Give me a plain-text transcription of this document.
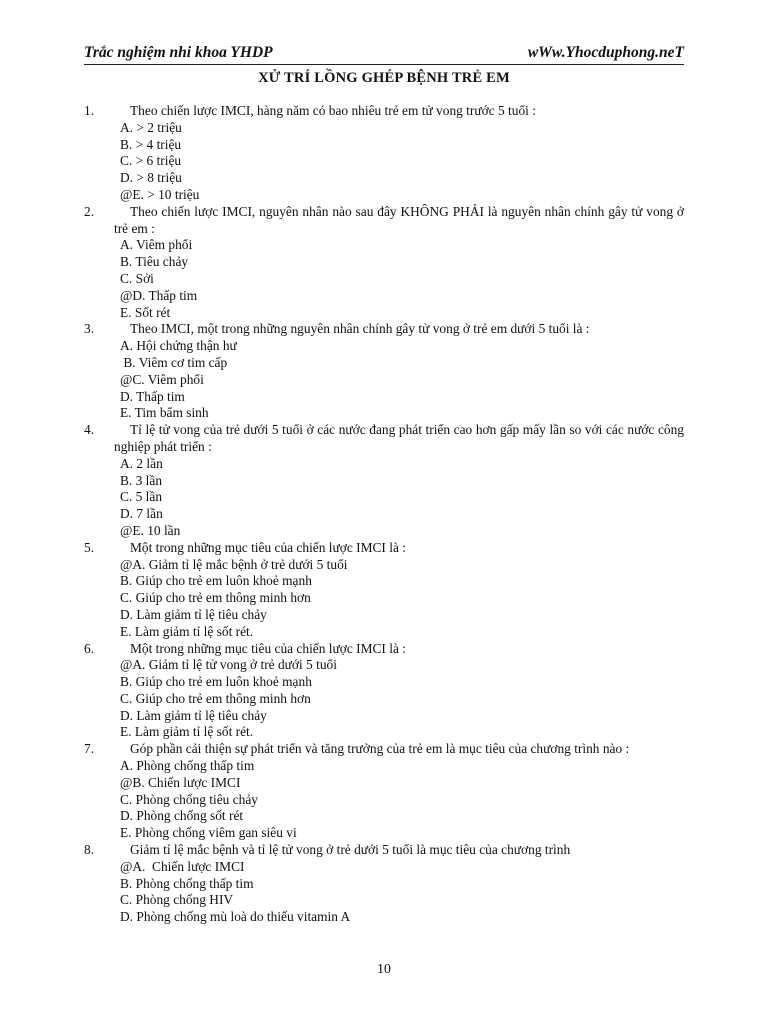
Trắc nghiệm nhi khoa YHDP	wWw.Yhocduphong.neT
XỬ TRÍ LỒNG GHÉP BỆNH TRẺ EM
1.	Theo chiến lược IMCI, hàng năm có bao nhiêu trẻ em tử vong trước 5 tuổi :
A. > 2 triệu
B. > 4 triệu
C. > 6 triệu
D. > 8 triệu
@E. > 10 triệu
2.	Theo chiến lược IMCI, nguyên nhân nào sau đây KHÔNG PHẢI là nguyên nhân chính gây tử vong ở trẻ em :
A. Viêm phổi
B. Tiêu chảy
C. Sởi
@D. Thấp tim
E. Sốt rét
3.	Theo IMCI, một trong những nguyên nhân chính gây tử vong ở trẻ em dưới 5 tuổi là :
A. Hội chứng thận hư
B. Viêm cơ tim cấp
@C. Viêm phổi
D. Thấp tim
E. Tim bẩm sinh
4.	Tỉ lệ tử vong của trẻ dưới 5 tuổi ở các nước đang phát triển cao hơn gấp mấy lần so với các nước công nghiệp phát triển :
A. 2 lần
B. 3 lần
C. 5 lần
D. 7 lần
@E. 10 lần
5.	Một trong những mục tiêu của chiến lược IMCI là :
@A. Giảm tỉ lệ mắc bệnh ở trẻ dưới 5 tuổi
B. Giúp cho trẻ em luôn khoẻ mạnh
C. Giúp cho trẻ em thông minh hơn
D. Làm giảm tỉ lệ tiêu chảy
E. Làm giảm tỉ lệ sốt rét.
6.	Một trong những mục tiêu của chiến lược IMCI là :
@A. Giảm tỉ lệ tử vong ở trẻ dưới 5 tuổi
B. Giúp cho trẻ em luôn khoẻ mạnh
C. Giúp cho trẻ em thông minh hơn
D. Làm giảm tỉ lệ tiêu chảy
E. Làm giảm tỉ lệ sốt rét.
7.	Góp phần cải thiện sự phát triển và tăng trưởng của trẻ em là mục tiêu của chương trình nào :
A. Phòng chống thấp tim
@B. Chiến lược IMCI
C. Phòng chống tiêu chảy
D. Phòng chống sốt rét
E. Phòng chống viêm gan siêu vi
8.	Giảm tỉ lệ mắc bệnh và tỉ lệ tử vong ở trẻ dưới 5 tuổi là mục tiêu của chương trình
@A.  Chiến lược IMCI
B. Phòng chống thấp tim
C. Phòng chống HIV
D. Phòng chống mù loà do thiếu vitamin A
10
